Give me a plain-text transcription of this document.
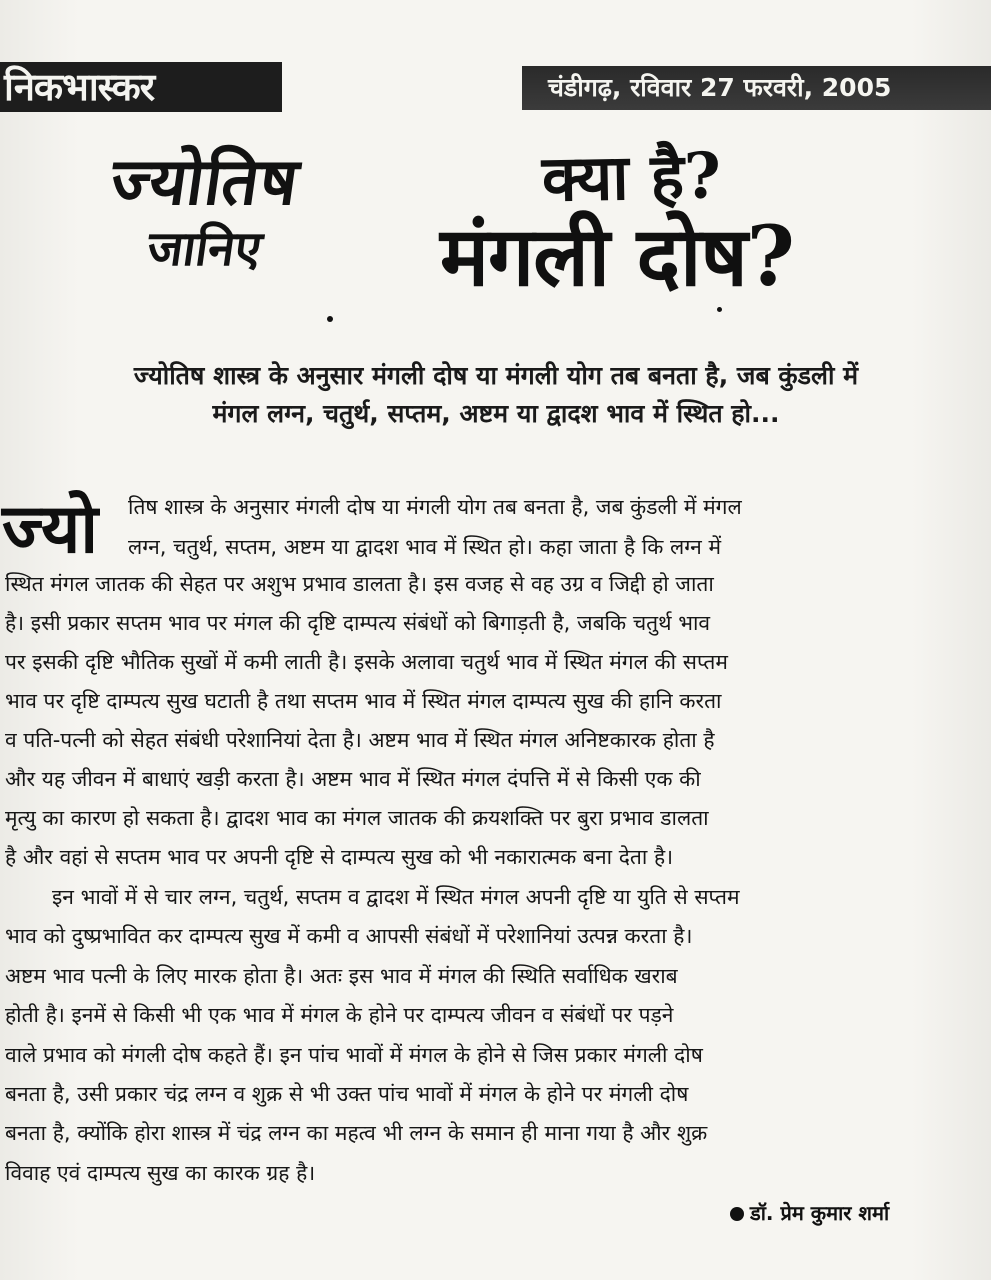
निकभास्कर	चंडीगढ़, रविवार 27 फरवरी, 2005
ज्योतिष
जानिए
क्या है?
मंगली दोष?
ज्योतिष शास्त्र के अनुसार मंगली दोष या मंगली योग तब बनता है, जब कुंडली में
मंगल लग्न, चतुर्थ, सप्तम, अष्टम या द्वादश भाव में स्थित हो...
ज्यो	तिष शास्त्र के अनुसार मंगली दोष या मंगली योग तब बनता है, जब कुंडली में मंगल
लग्न, चतुर्थ, सप्तम, अष्टम या द्वादश भाव में स्थित हो। कहा जाता है कि लग्न में
स्थित मंगल जातक की सेहत पर अशुभ प्रभाव डालता है। इस वजह से वह उग्र व जिद्दी हो जाता
है। इसी प्रकार सप्तम भाव पर मंगल की दृष्टि दाम्पत्य संबंधों को बिगाड़ती है, जबकि चतुर्थ भाव
पर इसकी दृष्टि भौतिक सुखों में कमी लाती है। इसके अलावा चतुर्थ भाव में स्थित मंगल की सप्तम
भाव पर दृष्टि दाम्पत्य सुख घटाती है तथा सप्तम भाव में स्थित मंगल दाम्पत्य सुख की हानि करता
व पति-पत्नी को सेहत संबंधी परेशानियां देता है। अष्टम भाव में स्थित मंगल अनिष्टकारक होता है
और यह जीवन में बाधाएं खड़ी करता है। अष्टम भाव में स्थित मंगल दंपत्ति में से किसी एक की
मृत्यु का कारण हो सकता है। द्वादश भाव का मंगल जातक की क्रयशक्ति पर बुरा प्रभाव डालता
है और वहां से सप्तम भाव पर अपनी दृष्टि से दाम्पत्य सुख को भी नकारात्मक बना देता है।
इन भावों में से चार लग्न, चतुर्थ, सप्तम व द्वादश में स्थित मंगल अपनी दृष्टि या युति से सप्तम
भाव को दुष्प्रभावित कर दाम्पत्य सुख में कमी व आपसी संबंधों में परेशानियां उत्पन्न करता है।
अष्टम भाव पत्नी के लिए मारक होता है। अतः इस भाव में मंगल की स्थिति सर्वाधिक खराब
होती है। इनमें से किसी भी एक भाव में मंगल के होने पर दाम्पत्य जीवन व संबंधों पर पड़ने
वाले प्रभाव को मंगली दोष कहते हैं। इन पांच भावों में मंगल के होने से जिस प्रकार मंगली दोष
बनता है, उसी प्रकार चंद्र लग्न व शुक्र से भी उक्त पांच भावों में मंगल के होने पर मंगली दोष
बनता है, क्योंकि होरा शास्त्र में चंद्र लग्न का महत्व भी लग्न के समान ही माना गया है और शुक्र
विवाह एवं दाम्पत्य सुख का कारक ग्रह है।
डॉ. प्रेम कुमार शर्मा
